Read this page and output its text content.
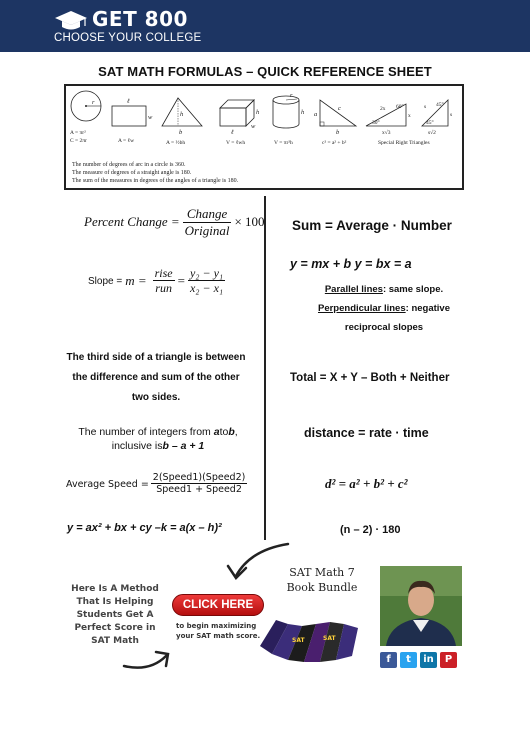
GET 800
CHOOSE YOUR COLLEGE
SAT MATH FORMULAS – QUICK REFERENCE SHEET
r
A = πr²
C = 2πr
ℓ
w
A = ℓw
h
b
A = ½bh
h
w
ℓ
V = ℓwh
r
h
V = πr²h
a
c
b
c² = a² + b²
2x 60°
30°
x
x√3
s 45°
45°
s
s√2
Special Right Triangles
The number of degrees of arc in a circle is 360.
The measure of degrees of a straight angle is 180.
The sum of the measures in degrees of the angles of a triangle is 180.
Percent Change = $\frac{\text{Change}}{\text{Original}} \times 100$
Slope = $m = \frac{\text{rise}}{\text{run}} = \frac{\text{y₂ − y₁}}{\text{x₂ − x₁}}$
The third side of a triangle is between the difference and sum of the other two sides.
The number of integers from atob,
inclusive isb – a + 1
Average Speed = $\frac{\text{2(Speed1)(Speed2)}}{\text{Speed1 + Speed2}}$
y = ax² + bx + cy –k = a(x – h)²
Sum = Average · Number
y = mx + b y = bx = a
Parallel lines: same slope.
Perpendicular lines: negative reciprocal slopes
Total = X + Y – Both + Neither
distance = rate · time
d² = a² + b² + c²
(n – 2) · 180
Here Is A Method That Is Helping Students Get A Perfect Score in SAT Math
SAT Math 7 Book Bundle
CLICK HERE
to begin maximizing your SAT math score.
SAT	SAT
f	t	in	P
